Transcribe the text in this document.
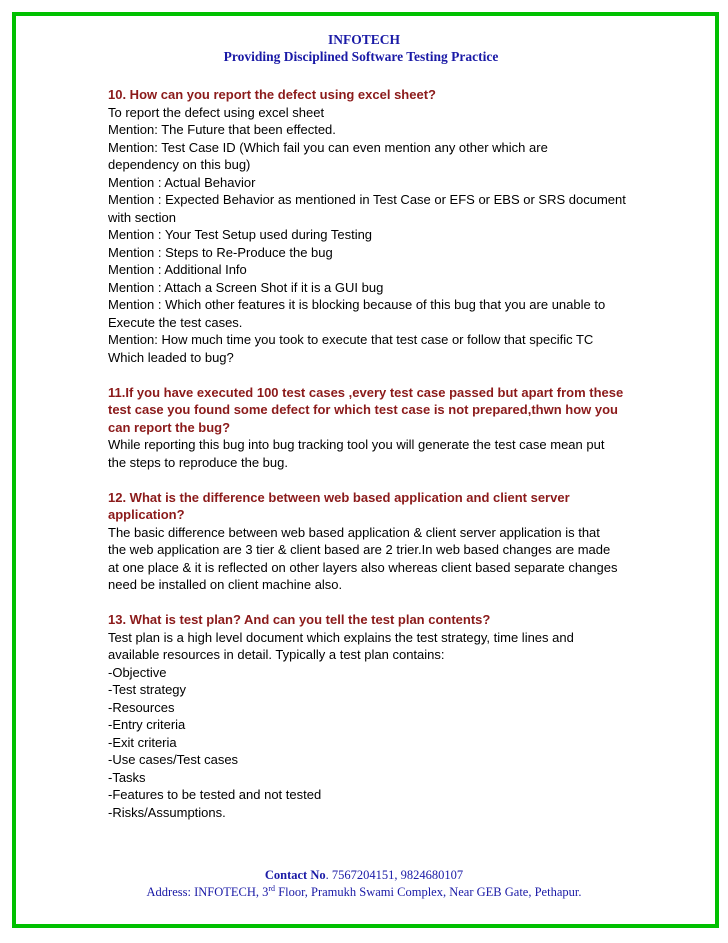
INFOTECH
Providing Disciplined Software Testing Practice
10. How can you report the defect using excel sheet?
To report the defect using excel sheet
Mention: The Future that been effected.
Mention: Test Case ID (Which fail you can even mention any other which are
dependency on this bug)
Mention : Actual Behavior
Mention : Expected Behavior as mentioned in Test Case or EFS or EBS or SRS document
with section
Mention : Your Test Setup used during Testing
Mention : Steps to Re-Produce the bug
Mention : Additional Info
Mention : Attach a Screen Shot if it is a GUI bug
Mention : Which other features it is blocking because of this bug that you are unable to
Execute the test cases.
Mention: How much time you took to execute that test case or follow that specific TC
Which leaded to bug?
11.If you have executed 100 test cases ,every test case passed but apart from these
test case you found some defect for which test case is not prepared,thwn how you
can report the bug?
While reporting this bug into bug tracking tool you will generate the test case mean put
the steps to reproduce the bug.
12. What is the difference between web based application and client server
application?
The basic difference between web based application & client server application is that
the web application are 3 tier & client based are 2 trier.In web based changes are made
at one place & it is reflected on other layers also whereas client based separate changes
need be installed on client machine also.
13. What is test plan? And can you tell the test plan contents?
Test plan is a high level document which explains the test strategy, time lines and
available resources in detail. Typically a test plan contains:
-Objective
-Test strategy
-Resources
-Entry criteria
-Exit criteria
-Use cases/Test cases
-Tasks
-Features to be tested and not tested
-Risks/Assumptions.
Contact No. 7567204151, 9824680107
Address: INFOTECH, 3rd Floor, Pramukh Swami Complex, Near GEB Gate, Pethapur.
